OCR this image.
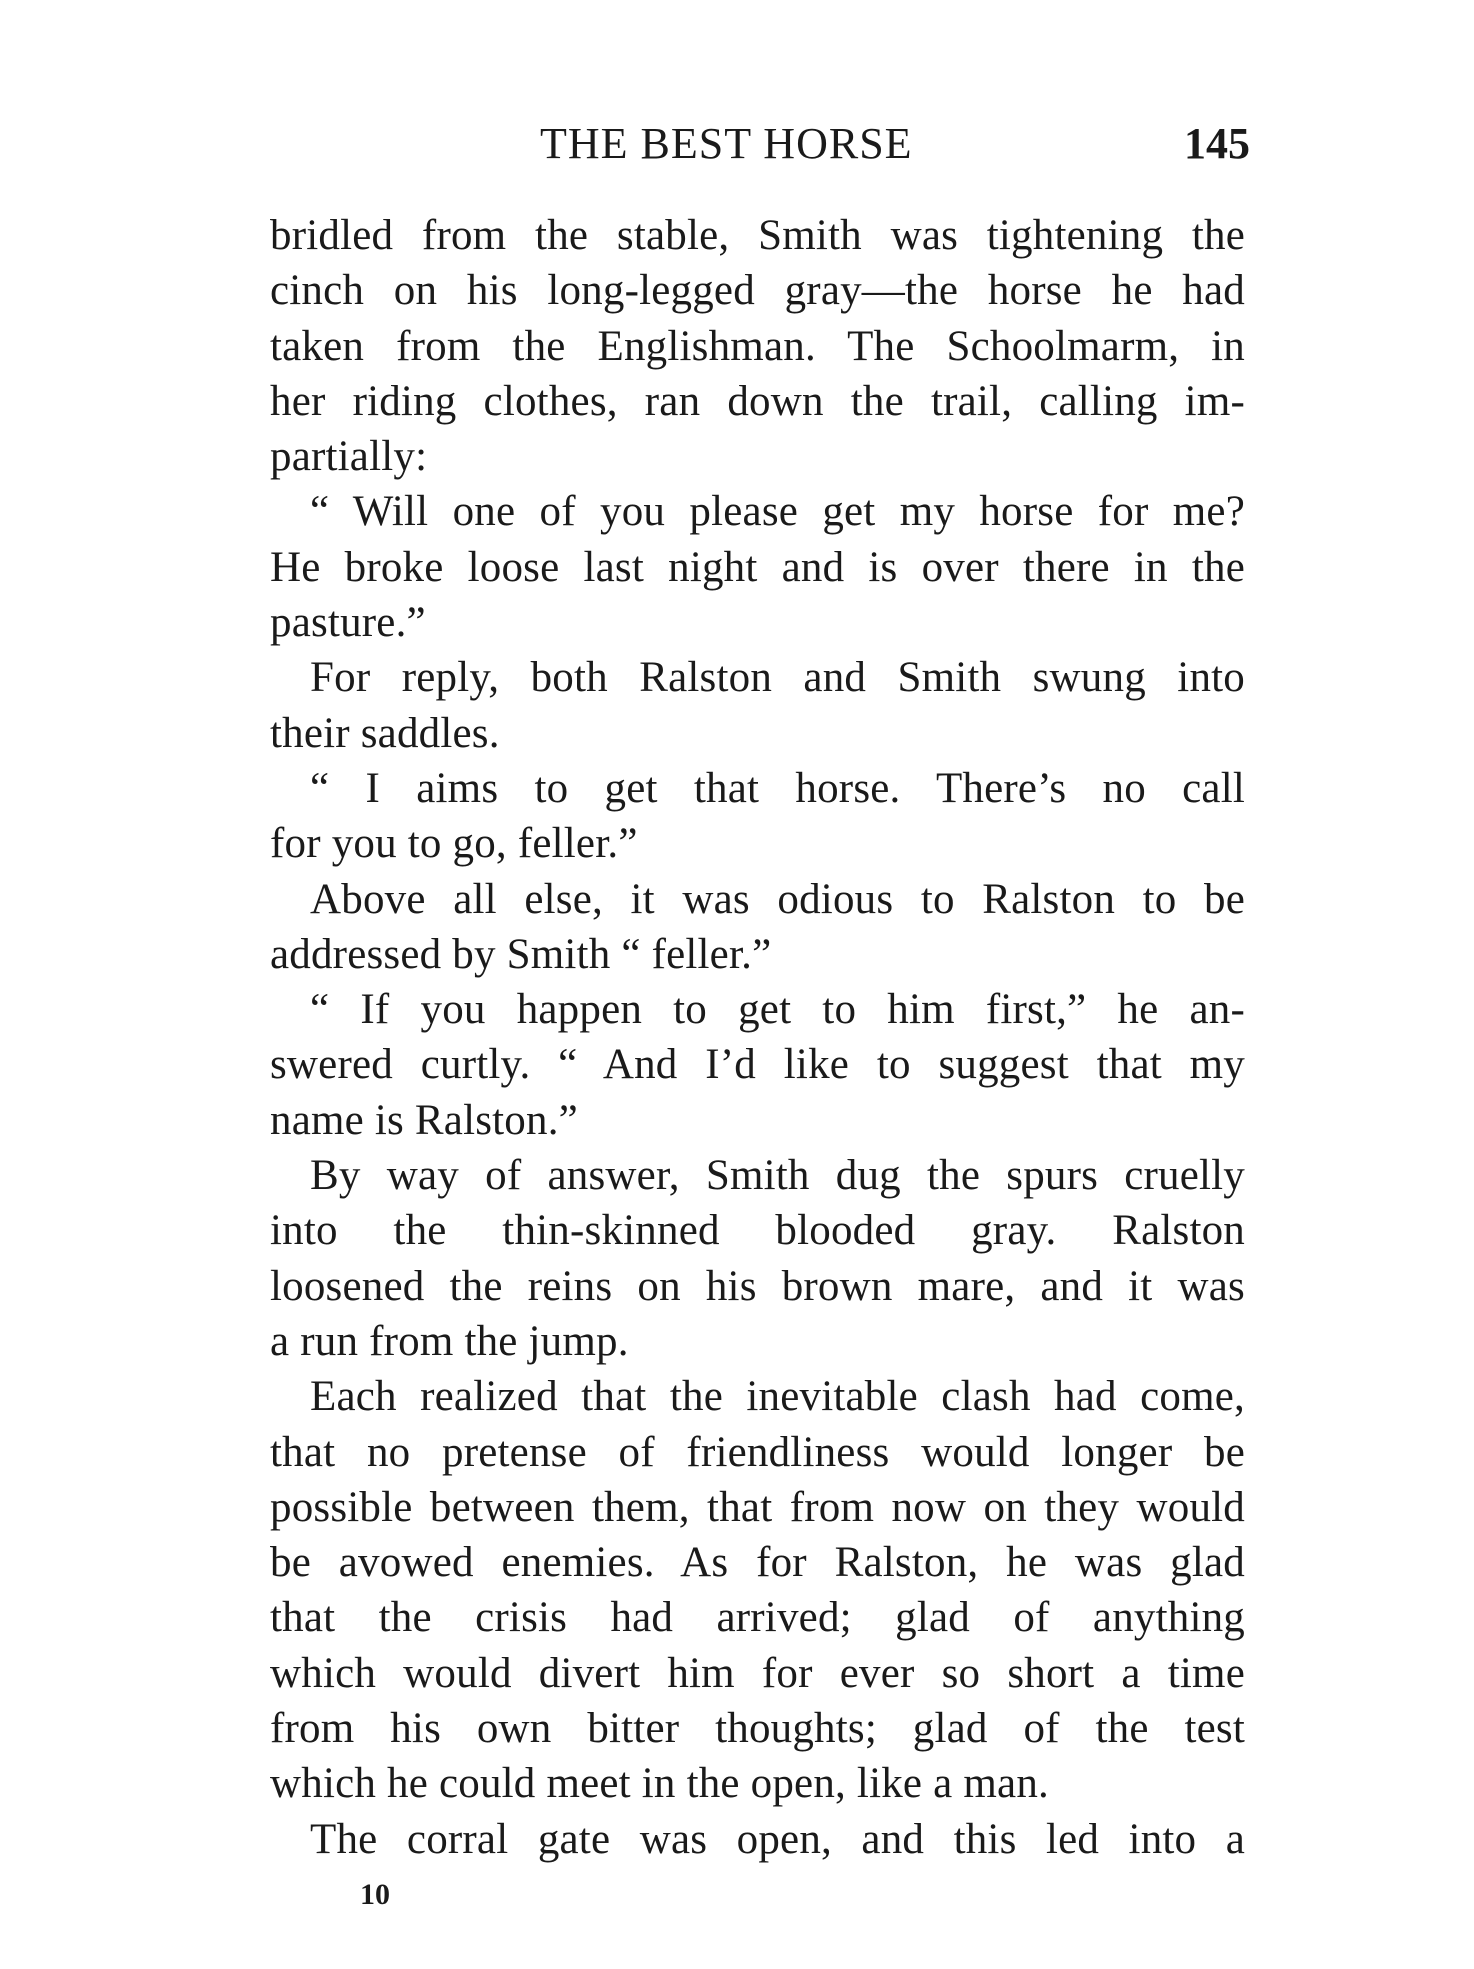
THE BEST HORSE	145
bridled from the stable, Smith was tightening the
cinch on his long-legged gray—the horse he had
taken from the Englishman. The Schoolmarm, in
her riding clothes, ran down the trail, calling im-
partially:
“ Will one of you please get my horse for me?
He broke loose last night and is over there in the
pasture.”
For reply, both Ralston and Smith swung into
their saddles.
“ I aims to get that horse. There’s no call
for you to go, feller.”
Above all else, it was odious to Ralston to be
addressed by Smith “ feller.”
“ If you happen to get to him first,” he an-
swered curtly. “ And I’d like to suggest that my
name is Ralston.”
By way of answer, Smith dug the spurs cruelly
into the thin-skinned blooded gray. Ralston
loosened the reins on his brown mare, and it was
a run from the jump.
Each realized that the inevitable clash had come,
that no pretense of friendliness would longer be
possible between them, that from now on they would
be avowed enemies. As for Ralston, he was glad
that the crisis had arrived; glad of anything
which would divert him for ever so short a time
from his own bitter thoughts; glad of the test
which he could meet in the open, like a man.
The corral gate was open, and this led into a
10
